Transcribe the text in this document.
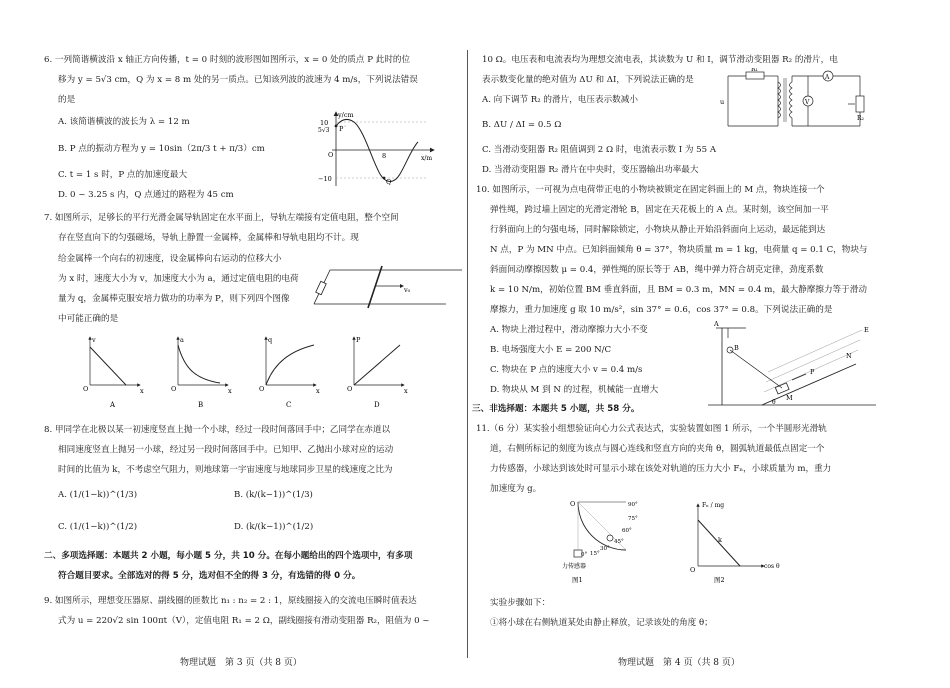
6. 一列简谐横波沿 x 轴正方向传播，t = 0 时刻的波形图如图所示，x = 0 处的质点 P 此时的位
移为 y = 5√3 cm，Q 为 x = 8 m 处的另一质点。已知该列波的波速为 4 m/s，下列说法错误
的是
A. 该简谐横波的波长为 λ = 12 m
B. P 点的振动方程为 y = 10sin（2π/3 t + π/3）cm
C. t = 1 s 时，P 点的加速度最大
D. 0 ~ 3.25 s 内，Q 点通过的路程为 45 cm
y/cm
10
5√3
−10
O	8
P
Q
x/m
7. 如图所示，足够长的平行光滑金属导轨固定在水平面上，导轨左端接有定值电阻，整个空间
存在竖直向下的匀强磁场，导轨上静置一金属棒，金属棒和导轨电阻均不计。现
给金属棒一个向右的初速度，设金属棒向右运动的位移大小
为 x 时，速度大小为 v，加速度大小为 a，通过定值电阻的电荷
量为 q，金属棒克服安培力做功的功率为 P，则下列四个图像
中可能正确的是
v₀
v
x
O
A
a
x
O
B
q
x
O
C
P
x
O
D
8. 甲同学在北极以某一初速度竖直上抛一个小球，经过一段时间落回手中；乙同学在赤道以
相同速度竖直上抛另一小球，经过另一段时间落回手中。已知甲、乙抛出小球对应的运动
时间的比值为 k，不考虑空气阻力，则地球第一宇宙速度与地球同步卫星的线速度之比为
A. (1/(1−k))^(1/3)	B. (k/(k−1))^(1/3)
C. (1/(1−k))^(1/2)	D. (k/(k−1))^(1/2)
二、多项选择题：本题共 2 小题，每小题 5 分，共 10 分。在每小题给出的四个选项中，有多项
符合题目要求。全部选对的得 5 分，选对但不全的得 3 分，有选错的得 0 分。
9. 如图所示，理想变压器原、副线圈的匝数比 n₁ : n₂ = 2 : 1，原线圈接入的交流电压瞬时值表达
式为 u = 220√2 sin 100πt（V），定值电阻 R₁ = 2 Ω，副线圈接有滑动变阻器 R₂，阻值为 0 ~
物理试题　第 3 页（共 8 页）
10 Ω。电压表和电流表均为理想交流电表，其读数为 U 和 I，调节滑动变阻器 R₂ 的滑片，电
表示数变化量的绝对值为 ΔU 和 ΔI，下列说法正确的是
A. 向下调节 R₂ 的滑片，电压表示数减小
B. ΔU / ΔI = 0.5 Ω
C. 当滑动变阻器 R₂ 阻值调到 2 Ω 时，电流表示数 I 为 55 A
D. 当滑动变阻器 R₂ 滑片在中央时，变压器输出功率最大
R₁
u
A
V
R₂
10. 如图所示，一可视为点电荷带正电的小物块被锁定在固定斜面上的 M 点，物块连接一个
弹性绳，跨过墙上固定的光滑定滑轮 B，固定在天花板上的 A 点。某时刻，该空间加一平
行斜面向上的匀强电场，同时解除锁定，小物块从静止开始沿斜面向上运动，最远能到达
N 点，P 为 MN 中点。已知斜面倾角 θ = 37°，物块质量 m = 1 kg，电荷量 q = 0.1 C，物块与
斜面间动摩擦因数 μ = 0.4，弹性绳的原长等于 AB，绳中弹力符合胡克定律，劲度系数
k = 10 N/m，初始位置 BM 垂直斜面，且 BM = 0.3 m，MN = 0.4 m，最大静摩擦力等于滑动
摩擦力，重力加速度 g 取 10 m/s²，sin 37° = 0.6，cos 37° = 0.8。下列说法正确的是
A. 物块上滑过程中，滑动摩擦力大小不变
B. 电场强度大小 E = 200 N/C
C. 物块在 P 点的速度大小 v = 0.4 m/s
D. 物块从 M 到 N 的过程，机械能一直增大
A
B
E
N
P
M
θ
三、非选择题：本题共 5 小题，共 58 分。
11.（6 分）某实验小组想验证向心力公式表达式，实验装置如图 1 所示，一个半圆形光滑轨
道，右侧所标记的刻度为该点与圆心连线和竖直方向的夹角 θ，圆弧轨道最低点固定一个
力传感器，小球达到该处时可显示小球在该处对轨道的压力大小 Fₙ，小球质量为 m，重力
加速度为 g。
O	90°
75°
60°
45°
30°
15°
0°
力传感器
图1
Fₙ / mg
cos θ
k
O
图2
实验步骤如下：
①将小球在右侧轨道某处由静止释放，记录该处的角度 θ；
物理试题　第 4 页（共 8 页）
